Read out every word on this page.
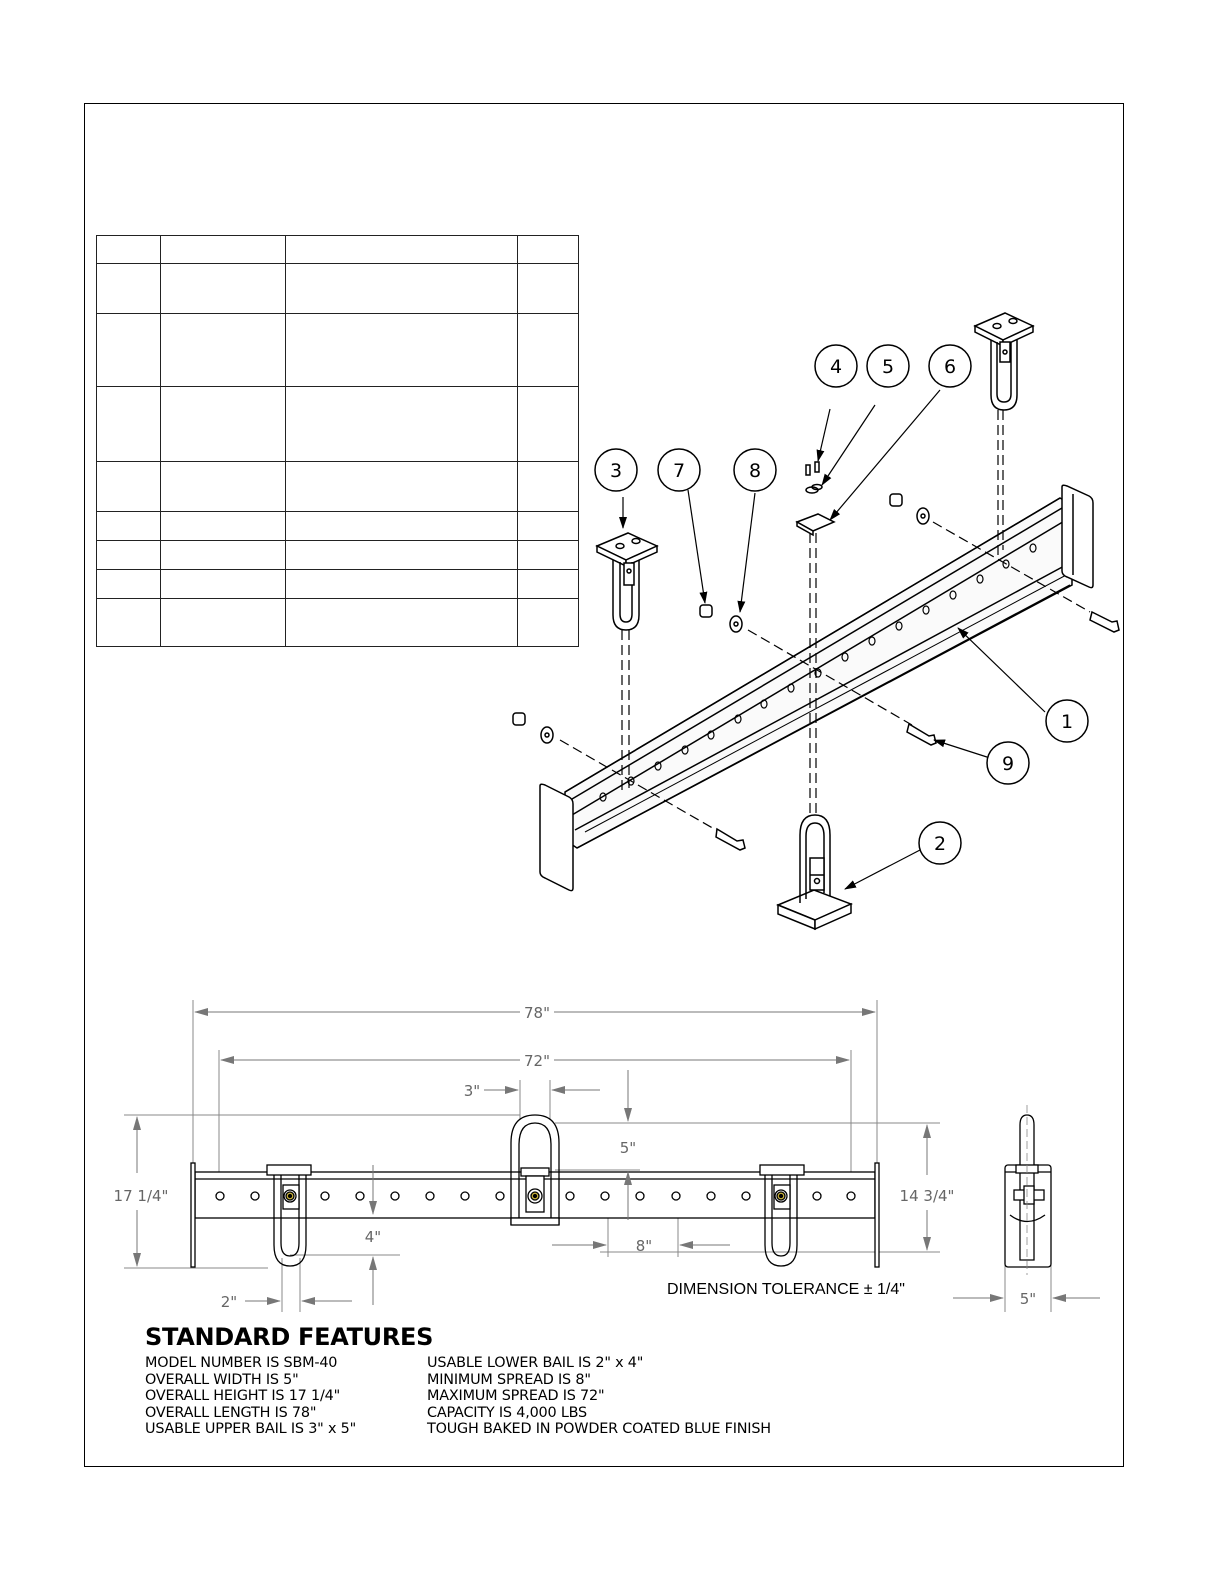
1
2
3
4 5	6
7	8
9
78"
72"
3"
5"
17 1/4"	14 3/4"
4"	8"
2"	5"
DIMENSION TOLERANCE ± 1/4"
STANDARD FEATURES
MODEL NUMBER IS SBM-40
OVERALL WIDTH IS 5"
OVERALL HEIGHT IS 17 1/4"
OVERALL LENGTH IS 78"
USABLE UPPER BAIL IS 3" x 5"
USABLE LOWER BAIL IS 2" x 4"
MINIMUM SPREAD IS 8"
MAXIMUM SPREAD IS 72"
CAPACITY IS 4,000 LBS
TOUGH BAKED IN POWDER COATED BLUE FINISH
